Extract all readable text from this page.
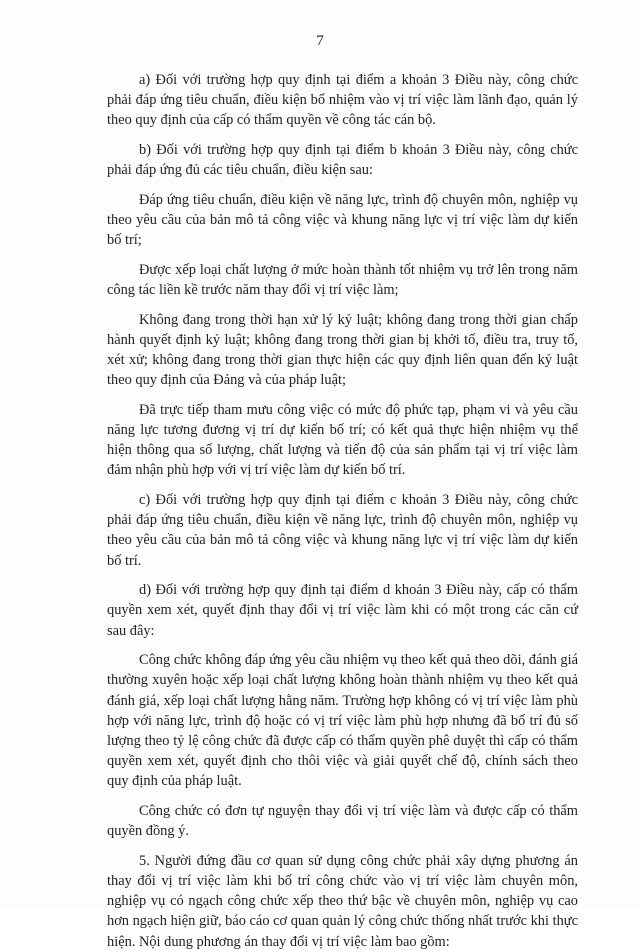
7

a) Đối với trường hợp quy định tại điểm a khoản 3 Điều này, công chức phải đáp ứng tiêu chuẩn, điều kiện bổ nhiệm vào vị trí việc làm lãnh đạo, quản lý theo quy định của cấp có thẩm quyền về công tác cán bộ.

b) Đối với trường hợp quy định tại điểm b khoản 3 Điều này, công chức phải đáp ứng đủ các tiêu chuẩn, điều kiện sau:

Đáp ứng tiêu chuẩn, điều kiện về năng lực, trình độ chuyên môn, nghiệp vụ theo yêu cầu của bản mô tả công việc và khung năng lực vị trí việc làm dự kiến bố trí;

Được xếp loại chất lượng ở mức hoàn thành tốt nhiệm vụ trở lên trong năm công tác liền kề trước năm thay đổi vị trí việc làm;

Không đang trong thời hạn xử lý kỷ luật; không đang trong thời gian chấp hành quyết định kỷ luật; không đang trong thời gian bị khởi tố, điều tra, truy tố, xét xử; không đang trong thời gian thực hiện các quy định liên quan đến kỷ luật theo quy định của Đảng và của pháp luật;

Đã trực tiếp tham mưu công việc có mức độ phức tạp, phạm vi và yêu cầu năng lực tương đương vị trí dự kiến bố trí; có kết quả thực hiện nhiệm vụ thể hiện thông qua số lượng, chất lượng và tiến độ của sản phẩm tại vị trí việc làm đảm nhận phù hợp với vị trí việc làm dự kiến bố trí.

c) Đối với trường hợp quy định tại điểm c khoản 3 Điều này, công chức phải đáp ứng tiêu chuẩn, điều kiện về năng lực, trình độ chuyên môn, nghiệp vụ theo yêu cầu của bản mô tả công việc và khung năng lực vị trí việc làm dự kiến bố trí.

d) Đối với trường hợp quy định tại điểm d khoản 3 Điều này, cấp có thẩm quyền xem xét, quyết định thay đổi vị trí việc làm khi có một trong các căn cứ sau đây:

Công chức không đáp ứng yêu cầu nhiệm vụ theo kết quả theo dõi, đánh giá thường xuyên hoặc xếp loại chất lượng không hoàn thành nhiệm vụ theo kết quả đánh giá, xếp loại chất lượng hằng năm. Trường hợp không có vị trí việc làm phù hợp với năng lực, trình độ hoặc có vị trí việc làm phù hợp nhưng đã bố trí đủ số lượng theo tỷ lệ công chức đã được cấp có thẩm quyền phê duyệt thì cấp có thẩm quyền xem xét, quyết định cho thôi việc và giải quyết chế độ, chính sách theo quy định của pháp luật.

Công chức có đơn tự nguyện thay đổi vị trí việc làm và được cấp có thẩm quyền đồng ý.

5. Người đứng đầu cơ quan sử dụng công chức phải xây dựng phương án thay đổi vị trí việc làm khi bố trí công chức vào vị trí việc làm chuyên môn, nghiệp vụ có ngạch công chức xếp theo thứ bậc về chuyên môn, nghiệp vụ cao hơn ngạch hiện giữ, báo cáo cơ quan quản lý công chức thống nhất trước khi thực hiện. Nội dung phương án thay đổi vị trí việc làm bao gồm:
